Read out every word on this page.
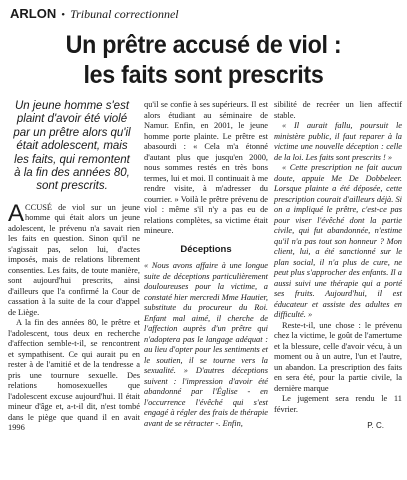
ARLON • Tribunal correctionnel
Un prêtre accusé de viol :
les faits sont prescrits
Un jeune homme s'est plaint d'avoir été violé par un prêtre alors qu'il était adolescent, mais les faits, qui remontent à la fin des années 80, sont prescrits.

ACCUSÉ de viol sur un jeune homme qui était alors un jeune adolescent, le prévenu n'a savait rien les faits en question. Sinon qu'il ne s'agissait pas, selon lui, d'actes imposés, mais de relations librement consenties. Les faits, de toute manière, sont aujourd'hui prescrits, ainsi d'ailleurs que l'a confirmé la Cour de cassation à la suite de la cour d'appel de Liège.

A la fin des années 80, le prêtre et l'adolescent, tous deux en recherche d'affection semble-t-il, se rencontrent et sympathisent. Ce qui aurait pu en rester à de l'amitié et de la tendresse a pris une tournure sexuelle. Des relations homosexuelles que l'adolescent excuse aujourd'hui. Il était mineur d'âge et, a-t-il dit, n'est tombé dans le piège que quand il en avait 1996

qu'il se confie à ses supérieurs. Il est alors étudiant au séminaire de Namur. Enfin, en 2001, le jeune homme porte plainte. Le prêtre est abasourdi : « Cela m'a étonné d'autant plus que jusqu'en 2000, nous sommes restés en très bons termes, lui et moi. Il continuait à me rendre visite, à m'adresser du courrier. » Voilà le prêtre prévenu de viol : même s'il n'y a pas eu de relations complètes, sa victime était mineure.

Déceptions

« Nous avons affaire à une longue suite de déceptions particulièrement douloureuses pour la victime, a constaté hier mercredi Mme Hautier, substitute du procureur du Roi. Enfant mal aimé, il cherche de l'affection auprès d'un prêtre qui n'adoptera pas le langage adéquat : au lieu d'opter pour les sentiments et le soutien, il se tourne vers la sexualité. » D'autres déceptions suivent : l'impression d'avoir été abandonné par l'Église - en l'occurrence l'évêché qui s'est engagé à régler des frais de thérapie avant de se rétracter -. Enfin,

sibilité de recréer un lien affectif stable.

« Il aurait fallu, poursuit le ministère public, il faut reparer à la victime une nouvelle déception : celle de la loi. Les faits sont prescrits ! »

« Cette prescription ne fait aucun doute, appuie Me De Dobbeleer. Lorsque plainte a été déposée, cette prescription courait d'ailleurs déjà. Si on a impliqué le prêtre, c'est-ce pas pour viser l'évêché dont la partie civile, qui fut abandonnée, n'estime qu'il n'a pas tout son honneur ? Mon client, lui, a été sanctionné sur le plan social, il n'a plus de cure, ne peut plus s'approcher des enfants. Il a aussi suivi une thérapie qui a porté ses fruits. Aujourd'hui, il est éducateur et assiste des adultes en difficulté. »

Reste-t-il, une chose : le prévenu chez la victime, le goût de l'amertume et la blessure, celle d'avoir vécu, à un moment ou à un autre, l'un et l'autre, un abandon. La prescription des faits en sera été, pour la partie civile, la dernière marque

Le jugement sera rendu le 11 février.

P. C.
